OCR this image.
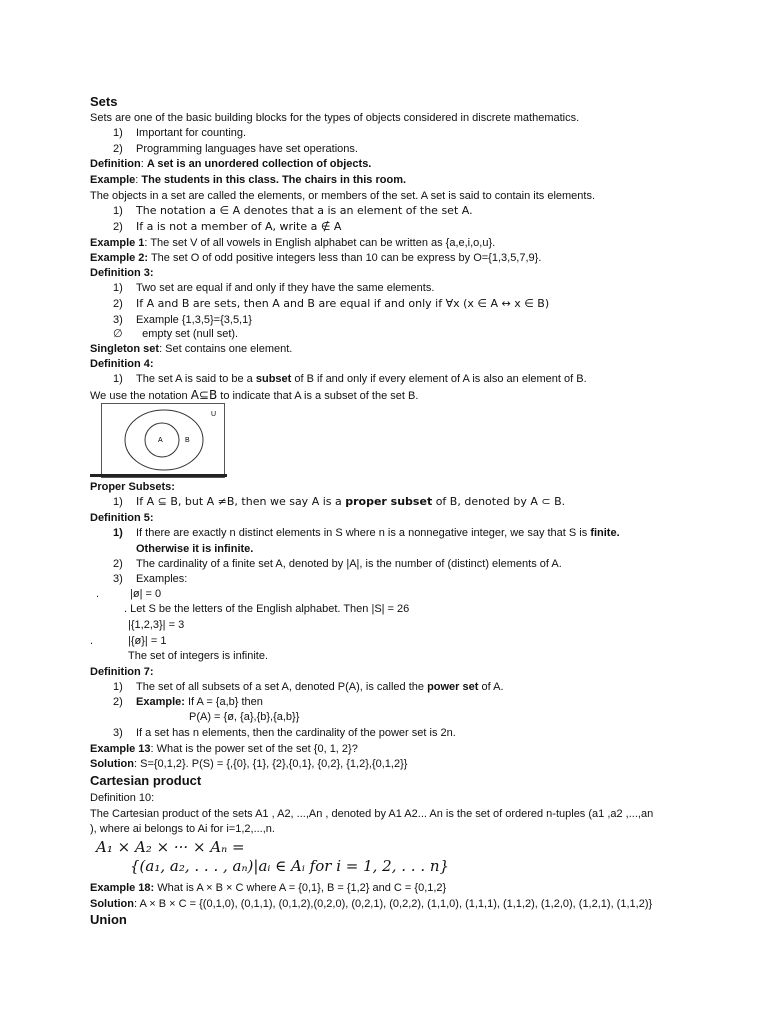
Sets
Sets are one of the basic building blocks for the types of objects considered in discrete mathematics.
1) Important for counting.
2) Programming languages have set operations.
Definition: A set is an unordered collection of objects.
Example: The students in this class. The chairs in this room.
The objects in a set are called the elements, or members of the set. A set is said to contain its elements.
1) The notation a ∈ A denotes that a is an element of the set A.
2) If a is not a member of A, write a ∉ A
Example 1: The set V of all vowels in English alphabet can be written as {a,e,i,o,u}.
Example 2: The set O of odd positive integers less than 10 can be express by O={1,3,5,7,9}.
Definition 3:
1) Two set are equal if and only if they have the same elements.
2) If A and B are sets, then A and B are equal if and only if ∀x (x ∈ A ↔ x ∈ B)
3) Example {1,3,5}={3,5,1}
∅ empty set (null set).
Singleton set: Set contains one element.
Definition 4:
1) The set A is said to be a subset of B if and only if every element of A is also an element of B.
We use the notation A⊆B to indicate that A is a subset of the set B.
U
A	B
Proper Subsets:
1) If A ⊆ B, but A ≠B, then we say A is a proper subset of B, denoted by A ⊂ B.
Definition 5:
1) If there are exactly n distinct elements in S where n is a nonnegative integer, we say that S is finite.
Otherwise it is infinite.
2) The cardinality of a finite set A, denoted by |A|, is the number of (distinct) elements of A.
3) Examples:
.	|ø| = 0
. Let S be the letters of the English alphabet. Then |S| = 26
|{1,2,3}| = 3
.	|{ø}| = 1
The set of integers is infinite.
Definition 7:
1) The set of all subsets of a set A, denoted P(A), is called the power set of A.
2) Example: If A = {a,b} then
P(A) = {ø, {a},{b},{a,b}}
3) If a set has n elements, then the cardinality of the power set is 2n.
Example 13: What is the power set of the set {0, 1, 2}?
Solution: S={0,1,2}. P(S) = {,{0}, {1}, {2},{0,1}, {0,2}, {1,2},{0,1,2}}
Cartesian product
Definition 10:
The Cartesian product of the sets A1 , A2, ...,An , denoted by A1 A2... An is the set of ordered n-tuples (a1 ,a2 ,...,an
), where ai belongs to Ai for i=1,2,...,n.
A₁ × A₂ × ··· × Aₙ =
{(a₁, a₂, . . . , aₙ)|aᵢ ∈ Aᵢ for i = 1, 2, . . . n}
Example 18: What is A × B × C where A = {0,1}, B = {1,2} and C = {0,1,2}
Solution: A × B × C = {(0,1,0), (0,1,1), (0,1,2),(0,2,0), (0,2,1), (0,2,2), (1,1,0), (1,1,1), (1,1,2), (1,2,0), (1,2,1), (1,1,2)}
Union
